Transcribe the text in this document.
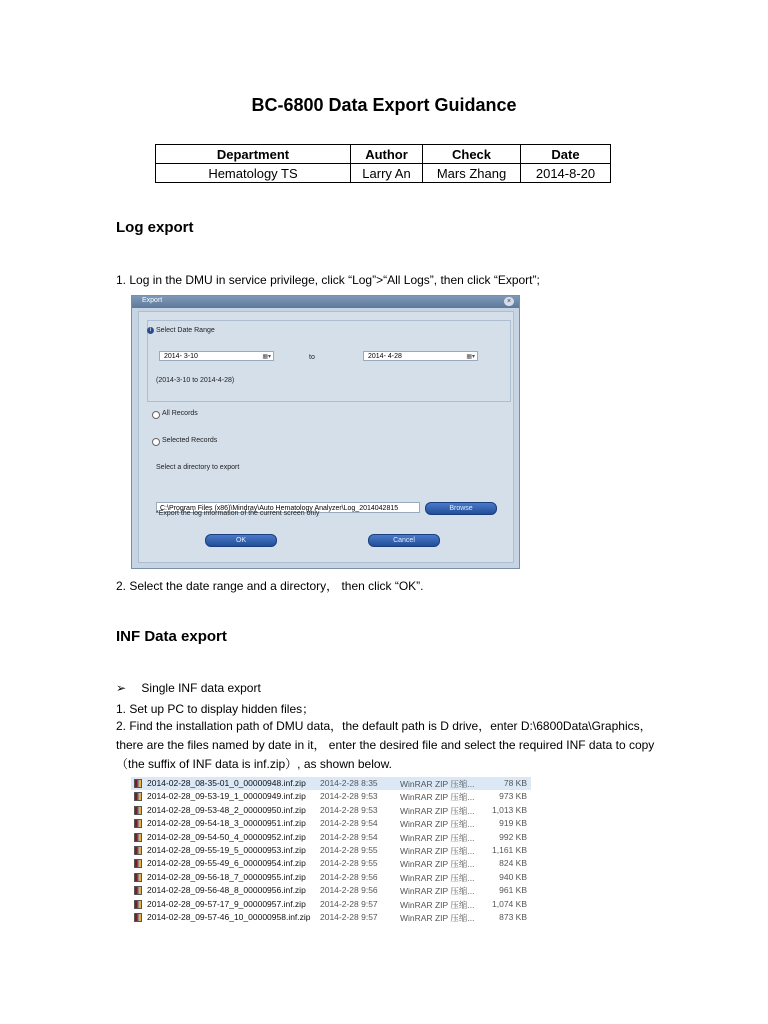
BC-6800 Data Export Guidance
Department	Author	Check	Date
Hematology TS	Larry An	Mars Zhang	2014-8-20
Log export
1. Log in the DMU in service privilege, click “Log”>“All Logs”, then click “Export”;
Export	×
i Select Date Range
2014- 3-10	▦▾	to	2014- 4-28	▦▾
(2014-3-10 to 2014-4-28)
All Records
Selected Records
Select a directory to export
C:\Program Files (x86)\Mindray\Auto Hematology Analyzer\Log_2014042815	Browse
*Export the log information of the current screen only
OK	Cancel
2. Select the date range and a directory， then click “OK”.
INF Data export
➢ Single INF data export
1. Set up PC to display hidden files；
2. Find the installation path of DMU data，the default path is D drive，enter D:\6800Data\Graphics， there are the files named by date in it， enter the desired file and select the required INF data to copy （the suffix of INF data is inf.zip）, as shown below.
2014-02-28_08-35-01_0_00000948.inf.zip 2014-2-28 8:35	WinRAR ZIP 压缩...	78 KB
2014-02-28_09-53-19_1_00000949.inf.zip 2014-2-28 9:53	WinRAR ZIP 压缩...	973 KB
2014-02-28_09-53-48_2_00000950.inf.zip 2014-2-28 9:53	WinRAR ZIP 压缩...	1,013 KB
2014-02-28_09-54-18_3_00000951.inf.zip 2014-2-28 9:54	WinRAR ZIP 压缩...	919 KB
2014-02-28_09-54-50_4_00000952.inf.zip 2014-2-28 9:54	WinRAR ZIP 压缩...	992 KB
2014-02-28_09-55-19_5_00000953.inf.zip 2014-2-28 9:55	WinRAR ZIP 压缩...	1,161 KB
2014-02-28_09-55-49_6_00000954.inf.zip 2014-2-28 9:55	WinRAR ZIP 压缩...	824 KB
2014-02-28_09-56-18_7_00000955.inf.zip 2014-2-28 9:56	WinRAR ZIP 压缩...	940 KB
2014-02-28_09-56-48_8_00000956.inf.zip 2014-2-28 9:56	WinRAR ZIP 压缩...	961 KB
2014-02-28_09-57-17_9_00000957.inf.zip 2014-2-28 9:57	WinRAR ZIP 压缩...	1,074 KB
2014-02-28_09-57-46_10_00000958.inf.zip 2014-2-28 9:57	WinRAR ZIP 压缩...	873 KB
